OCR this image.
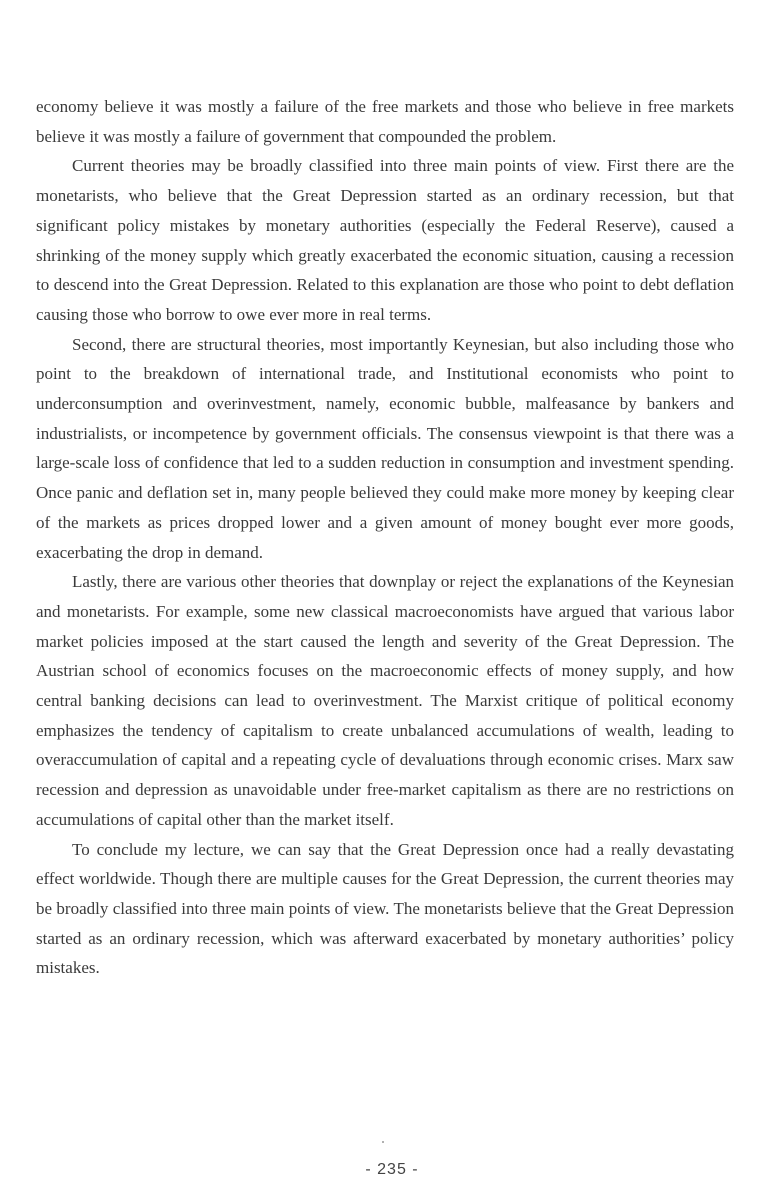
economy believe it was mostly a failure of the free markets and those who believe in free markets believe it was mostly a failure of government that compounded the problem.

Current theories may be broadly classified into three main points of view. First there are the monetarists, who believe that the Great Depression started as an ordinary recession, but that significant policy mistakes by monetary authorities (especially the Federal Reserve), caused a shrinking of the money supply which greatly exacerbated the economic situation, causing a recession to descend into the Great Depression. Related to this explanation are those who point to debt deflation causing those who borrow to owe ever more in real terms.

Second, there are structural theories, most importantly Keynesian, but also including those who point to the breakdown of international trade, and Institutional economists who point to underconsumption and overinvestment, namely, economic bubble, malfeasance by bankers and industrialists, or incompetence by government officials. The consensus viewpoint is that there was a large-scale loss of confidence that led to a sudden reduction in consumption and investment spending. Once panic and deflation set in, many people believed they could make more money by keeping clear of the markets as prices dropped lower and a given amount of money bought ever more goods, exacerbating the drop in demand.

Lastly, there are various other theories that downplay or reject the explanations of the Keynesian and monetarists. For example, some new classical macroeconomists have argued that various labor market policies imposed at the start caused the length and severity of the Great Depression. The Austrian school of economics focuses on the macroeconomic effects of money supply, and how central banking decisions can lead to overinvestment. The Marxist critique of political economy emphasizes the tendency of capitalism to create unbalanced accumulations of wealth, leading to overaccumulation of capital and a repeating cycle of devaluations through economic crises. Marx saw recession and depression as unavoidable under free-market capitalism as there are no restrictions on accumulations of capital other than the market itself.

To conclude my lecture, we can say that the Great Depression once had a really devastating effect worldwide. Though there are multiple causes for the Great Depression, the current theories may be broadly classified into three main points of view. The monetarists believe that the Great Depression started as an ordinary recession, which was afterward exacerbated by monetary authorities’ policy mistakes.

- 235 -
